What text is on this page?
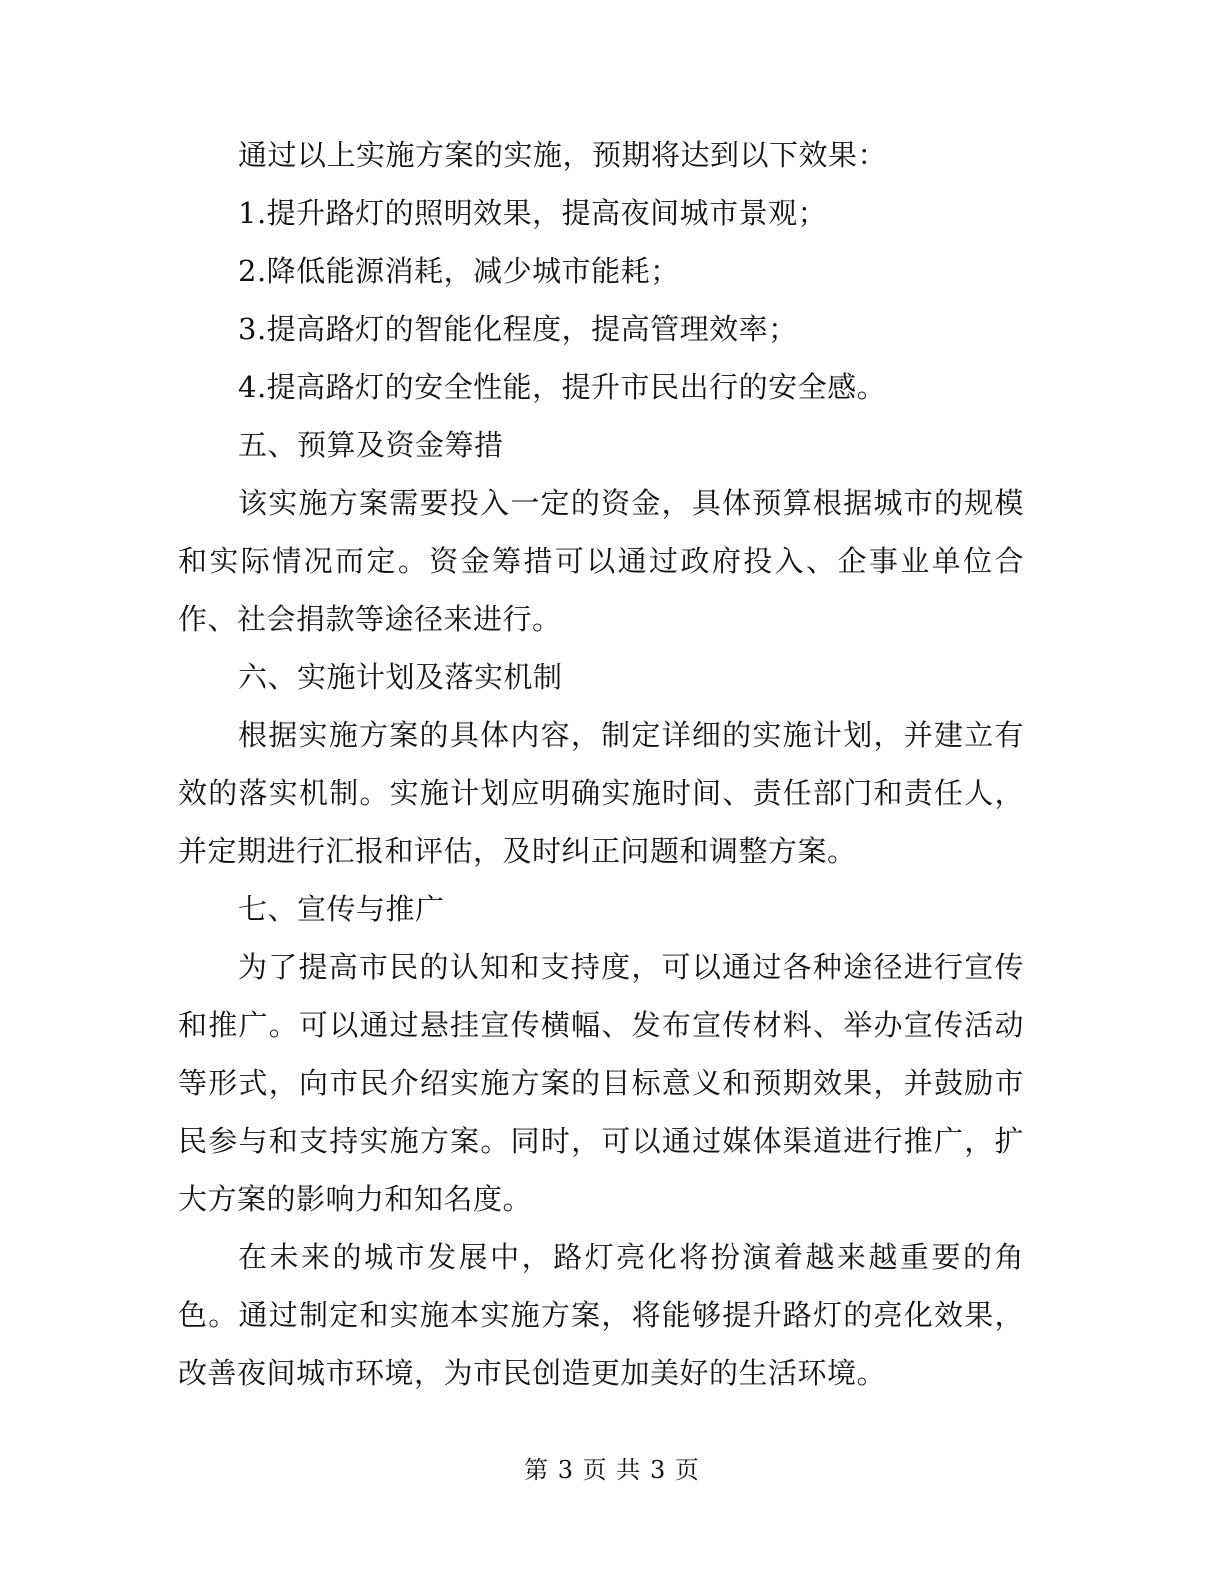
通过以上实施方案的实施，预期将达到以下效果：

1.提升路灯的照明效果，提高夜间城市景观；

2.降低能源消耗，减少城市能耗；

3.提高路灯的智能化程度，提高管理效率；

4.提高路灯的安全性能，提升市民出行的安全感。

五、预算及资金筹措

该实施方案需要投入一定的资金，具体预算根据城市的规模和实际情况而定。资金筹措可以通过政府投入、企事业单位合作、社会捐款等途径来进行。

六、实施计划及落实机制

根据实施方案的具体内容，制定详细的实施计划，并建立有效的落实机制。实施计划应明确实施时间、责任部门和责任人，并定期进行汇报和评估，及时纠正问题和调整方案。

七、宣传与推广

为了提高市民的认知和支持度，可以通过各种途径进行宣传和推广。可以通过悬挂宣传横幅、发布宣传材料、举办宣传活动等形式，向市民介绍实施方案的目标意义和预期效果，并鼓励市民参与和支持实施方案。同时，可以通过媒体渠道进行推广，扩大方案的影响力和知名度。

在未来的城市发展中，路灯亮化将扮演着越来越重要的角色。通过制定和实施本实施方案，将能够提升路灯的亮化效果，改善夜间城市环境，为市民创造更加美好的生活环境。

第 3 页 共 3 页
